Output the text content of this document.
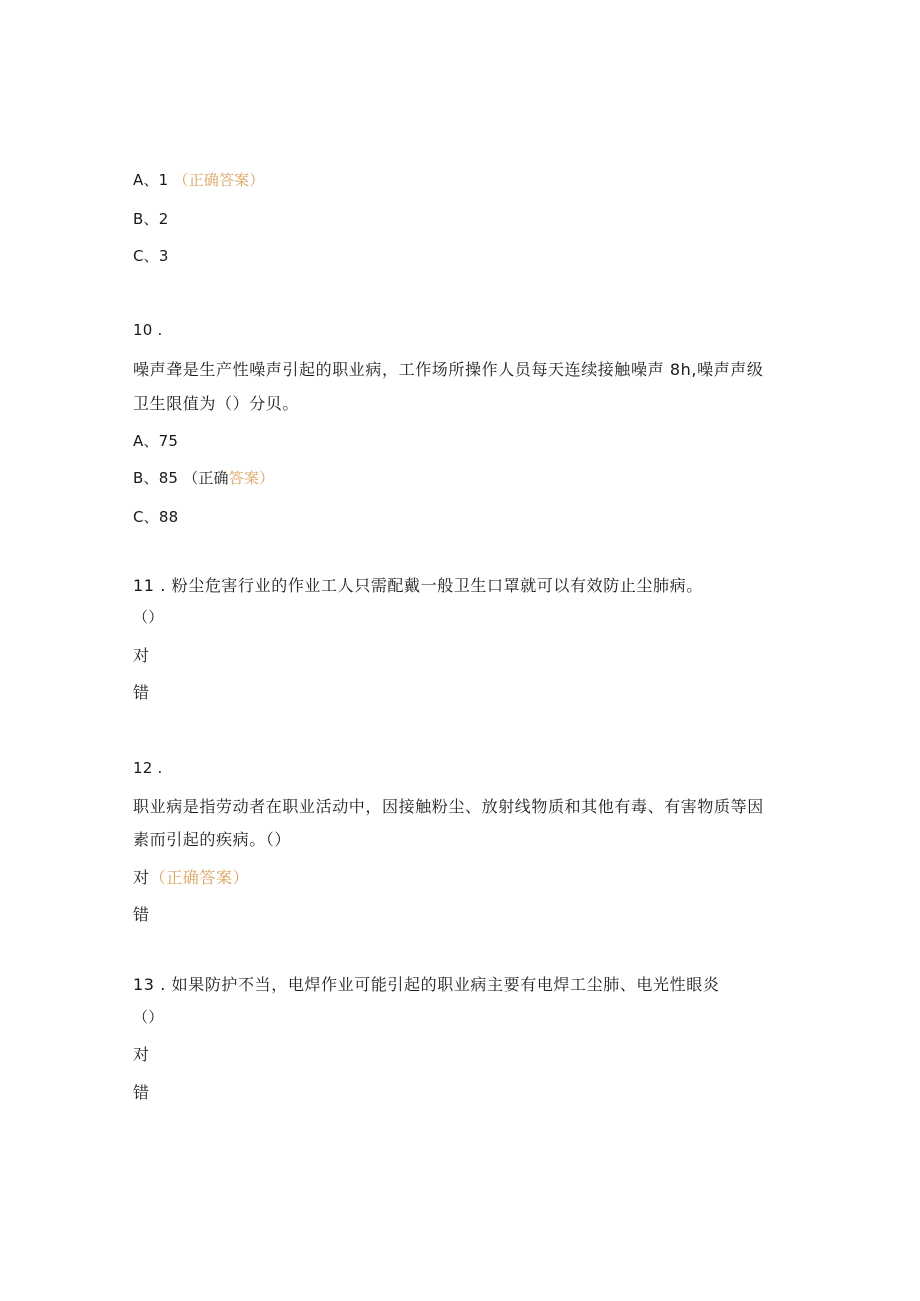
A、1 （正确答案）
B、2
C、3
10 .
噪声聋是生产性噪声引起的职业病，工作场所操作人员每天连续接触噪声 8h,噪声声级
卫生限值为（）分贝。
A、75
B、85 （正确答案）
C、88
11 . 粉尘危害行业的作业工人只需配戴一般卫生口罩就可以有效防止尘肺病。
（）
对
错
12 .
职业病是指劳动者在职业活动中，因接触粉尘、放射线物质和其他有毒、有害物质等因
素而引起的疾病。（）
对（正确答案）
错
13 . 如果防护不当，电焊作业可能引起的职业病主要有电焊工尘肺、电光性眼炎
（）
对
错
